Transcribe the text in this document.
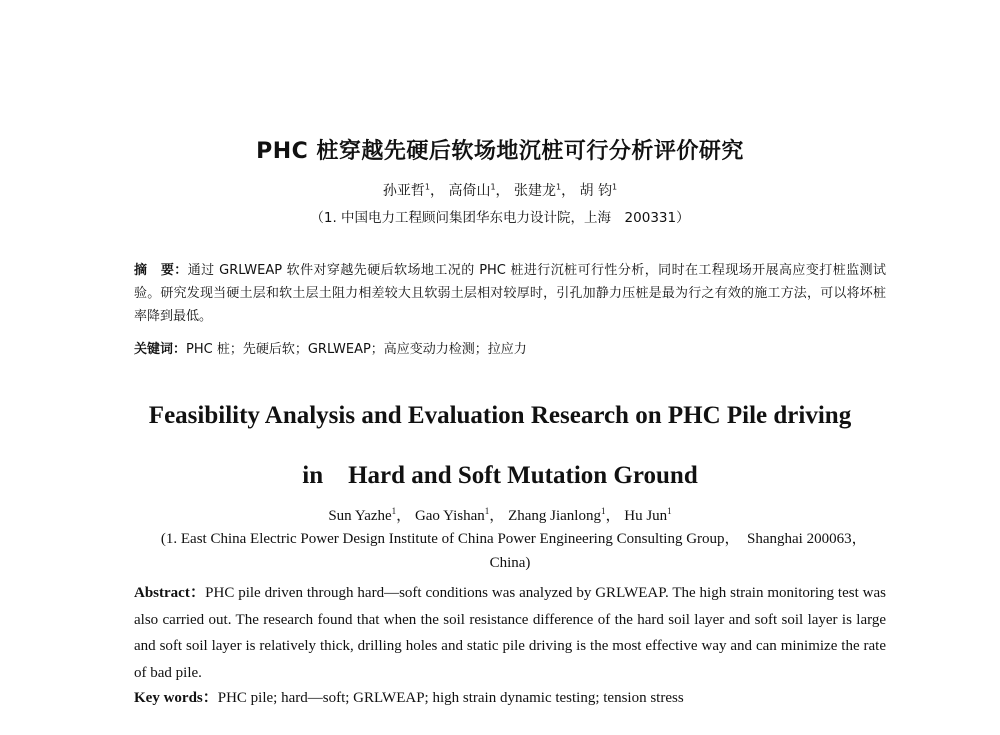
PHC 桩穿越先硬后软场地沉桩可行分析评价研究
孙亚哲$^1$， 高倚山$^1$， 张建龙$^1$， 胡 钧$^1$
（1. 中国电力工程顾问集团华东电力设计院，上海　200331）
摘　要：通过 GRLWEAP 软件对穿越先硬后软场地工况的 PHC 桩进行沉桩可行性分析，同时在工程现场开展高应变打桩监测试验。研究发现当硬土层和软土层土阻力相差较大且软弱土层相对较厚时，引孔加静力压桩是最为行之有效的施工方法，可以将坏桩率降到最低。
关键词：PHC 桩；先硬后软；GRLWEAP；高应变动力检测；拉应力
Feasibility Analysis and Evaluation Research on PHC Pile driving
in　Hard and Soft Mutation Ground
Sun Yazhe$^1$， Gao Yishan$^1$， Zhang Jianlong$^1$， Hu Jun$^1$
(1. East China Electric Power Design Institute of China Power Engineering Consulting Group，　Shanghai 200063，　China)
Abstract：PHC pile driven through hard—soft conditions was analyzed by GRLWEAP. The high strain monitoring test was also carried out. The research found that when the soil resistance difference of the hard soil layer and soft soil layer is large and soft soil layer is relatively thick, drilling holes and static pile driving is the most effective way and can minimize the rate of bad pile.
Key words：PHC pile; hard—soft; GRLWEAP; high strain dynamic testing; tension stress
